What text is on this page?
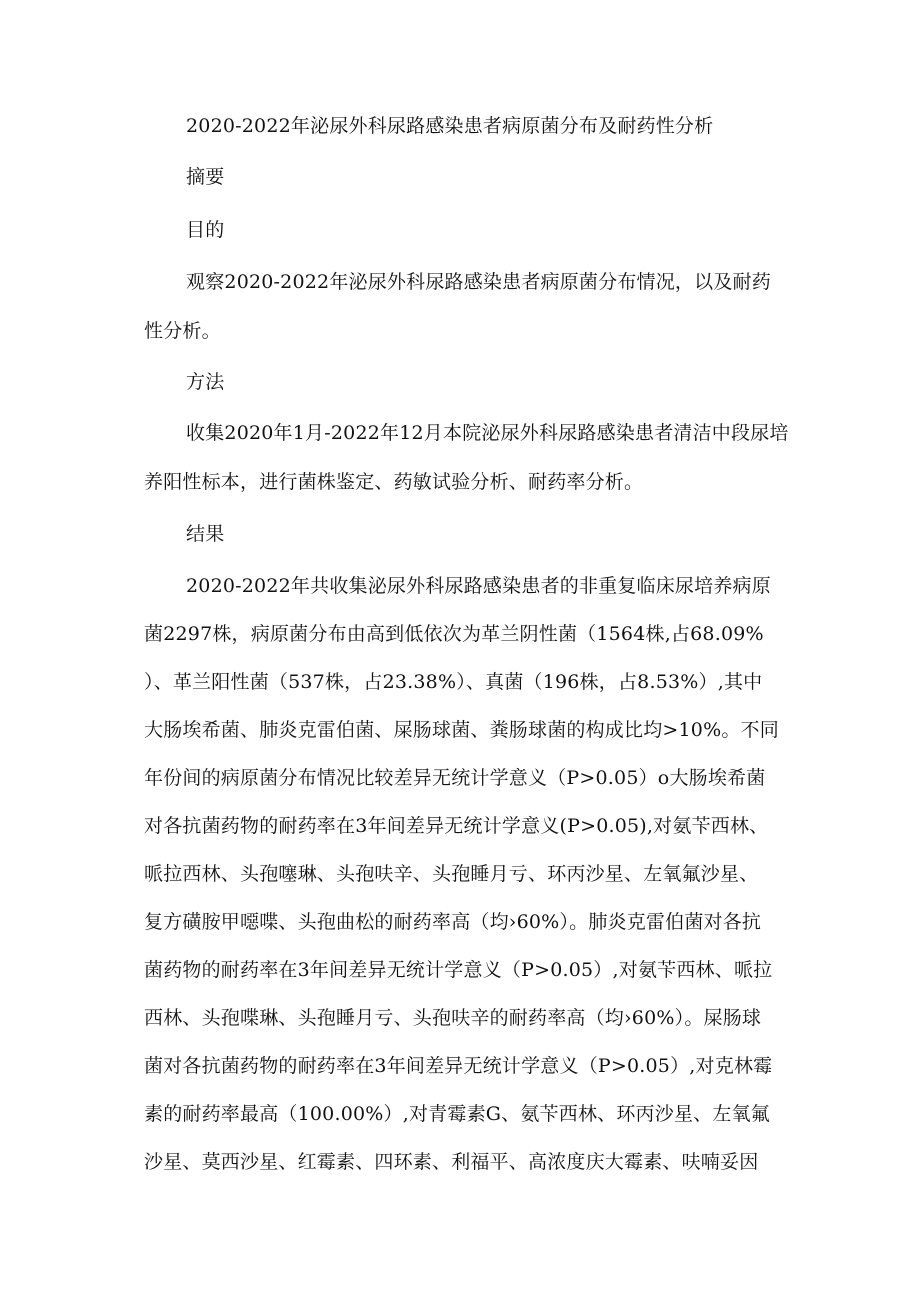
2020-2022年泌尿外科尿路感染患者病原菌分布及耐药性分析
摘要
目的
观察2020-2022年泌尿外科尿路感染患者病原菌分布情况，以及耐药
性分析。
方法
收集2020年1月-2022年12月本院泌尿外科尿路感染患者清洁中段尿培
养阳性标本，进行菌株鉴定、药敏试验分析、耐药率分析。
结果
2020-2022年共收集泌尿外科尿路感染患者的非重复临床尿培养病原
菌2297株，病原菌分布由高到低依次为革兰阴性菌（1564株,占68.09%
）、革兰阳性菌（537株，占23.38%）、真菌（196株，占8.53%）,其中
大肠埃希菌、肺炎克雷伯菌、屎肠球菌、粪肠球菌的构成比均>10%。不同
年份间的病原菌分布情况比较差异无统计学意义（P>0.05）o大肠埃希菌
对各抗菌药物的耐药率在3年间差异无统计学意义(P>0.05),对氨苄西林、
哌拉西林、头孢噻琳、头孢呋辛、头孢睡月亏、环丙沙星、左氧氟沙星、
复方磺胺甲噁喋、头孢曲松的耐药率高（均›60%）。肺炎克雷伯菌对各抗
菌药物的耐药率在3年间差异无统计学意义（P>0.05）,对氨苄西林、哌拉
西林、头孢喋琳、头孢睡月亏、头孢呋辛的耐药率高（均›60%）。屎肠球
菌对各抗菌药物的耐药率在3年间差异无统计学意义（P>0.05）,对克林霉
素的耐药率最高（100.00%）,对青霉素G、氨苄西林、环丙沙星、左氧氟
沙星、莫西沙星、红霉素、四环素、利福平、高浓度庆大霉素、呋喃妥因
